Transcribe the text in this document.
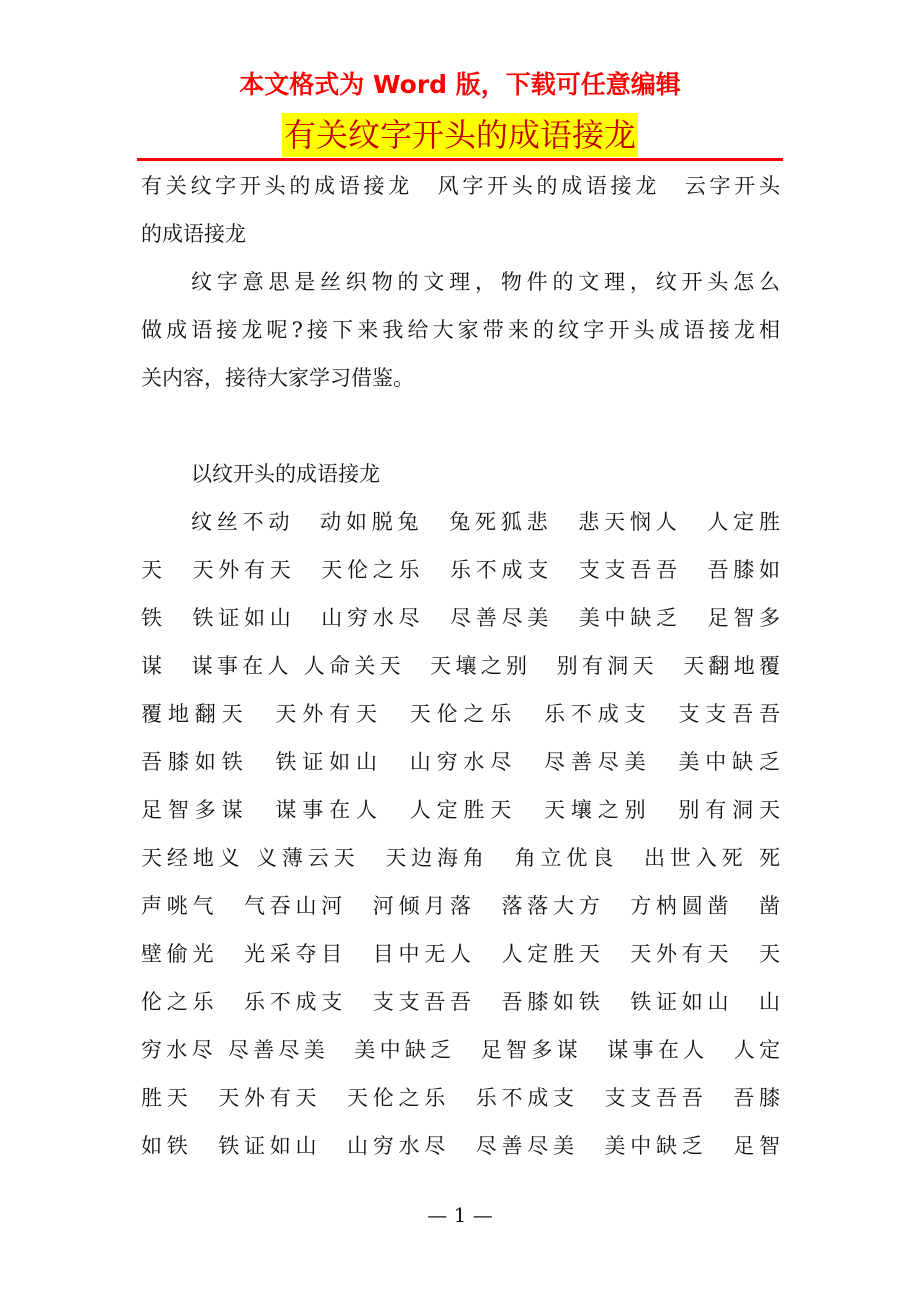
本文格式为 Word 版，下载可任意编辑
有关纹字开头的成语接龙
有关纹字开头的成语接龙　风字开头的成语接龙　云字开头
的成语接龙
纹字意思是丝织物的文理，物件的文理，纹开头怎么
做成语接龙呢?接下来我给大家带来的纹字开头成语接龙相
关内容，接待大家学习借鉴。
以纹开头的成语接龙
纹丝不动　动如脱兔　兔死狐悲　悲天悯人　人定胜
天　天外有天　天伦之乐　乐不成支　支支吾吾　吾膝如
铁　铁证如山　山穷水尽　尽善尽美　美中缺乏　足智多
谋　谋事在人 人命关天　天壤之别　别有洞天　天翻地覆
覆地翻天　天外有天　天伦之乐　乐不成支　支支吾吾
吾膝如铁　铁证如山　山穷水尽　尽善尽美　美中缺乏
足智多谋　谋事在人　人定胜天　天壤之别　别有洞天
天经地义 义薄云天　天边海角　角立优良　出世入死 死
声咷气　气吞山河　河倾月落　落落大方　方枘圆凿　凿
壁偷光　光采夺目　目中无人　人定胜天　天外有天　天
伦之乐　乐不成支　支支吾吾　吾膝如铁　铁证如山　山
穷水尽 尽善尽美　美中缺乏　足智多谋　谋事在人　人定
胜天　天外有天　天伦之乐　乐不成支　支支吾吾　吾膝
如铁　铁证如山　山穷水尽　尽善尽美　美中缺乏　足智
— 1 —
